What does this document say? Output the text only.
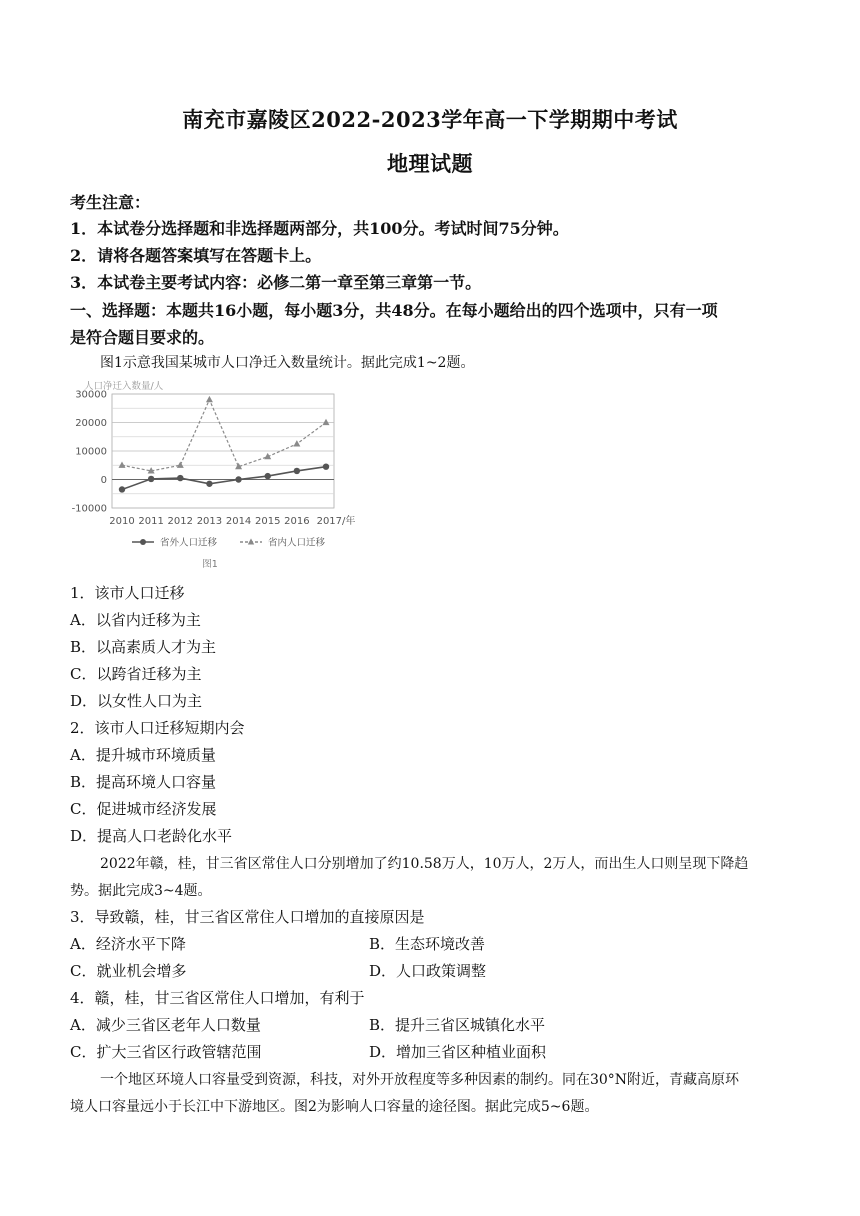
南充市嘉陵区2022-2023学年高一下学期期中考试
地理试题
考生注意：
1．本试卷分选择题和非选择题两部分，共100分。考试时间75分钟。
2．请将各题答案填写在答题卡上。
3．本试卷主要考试内容：必修二第一章至第三章第一节。
一、选择题：本题共16小题，每小题3分，共48分。在每小题给出的四个选项中，只有一项
是符合题目要求的。
图1示意我国某城市人口净迁入数量统计。据此完成1~2题。
人口净迁入数量/人
30000
20000
10000
0
-10000
2010 2011 2012 2013 2014 2015 2016 2017/年
省外人口迁移	省内人口迁移
图1
1．该市人口迁移
A．以省内迁移为主
B．以高素质人才为主
C．以跨省迁移为主
D．以女性人口为主
2．该市人口迁移短期内会
A．提升城市环境质量
B．提高环境人口容量
C．促进城市经济发展
D．提高人口老龄化水平
2022年赣，桂，甘三省区常住人口分别增加了约10.58万人，10万人，2万人，而出生人口则呈现下降趋
势。据此完成3~4题。
3．导致赣，桂，甘三省区常住人口增加的直接原因是
A．经济水平下降	B．生态环境改善
C．就业机会增多	D．人口政策调整
4．赣，桂，甘三省区常住人口增加，有利于
A．减少三省区老年人口数量	B．提升三省区城镇化水平
C．扩大三省区行政管辖范围	D．增加三省区种植业面积
一个地区环境人口容量受到资源，科技，对外开放程度等多种因素的制约。同在30°N附近，青藏高原环
境人口容量远小于长江中下游地区。图2为影响人口容量的途径图。据此完成5~6题。
